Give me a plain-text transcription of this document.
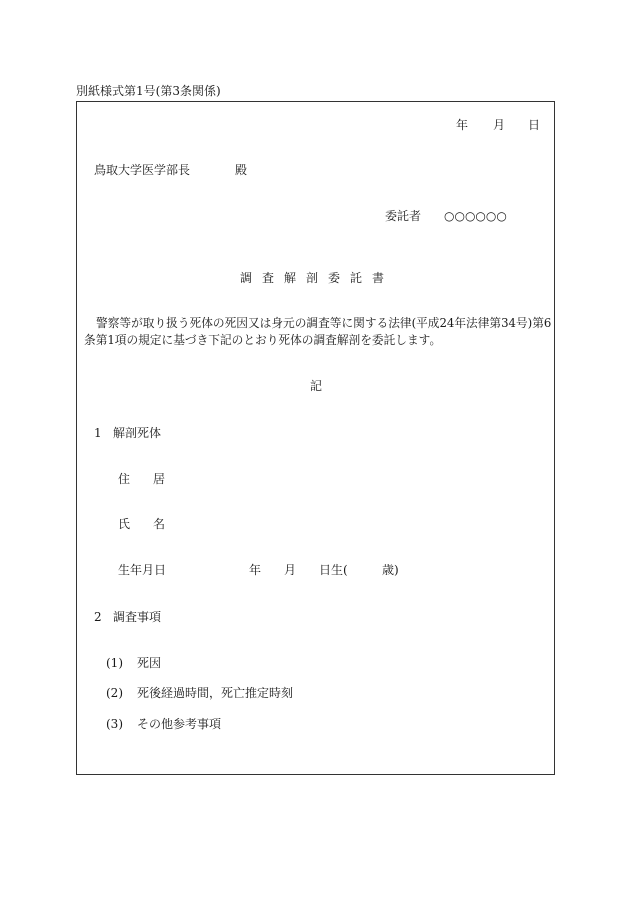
別紙様式第1号(第3条関係)
年 月 日
鳥取大学医学部長	殿
委託者 ○○○○○○
調 査 解 剖 委 託 書
警察等が取り扱う死体の死因又は身元の調査等に関する法律(平成24年法律第34号)第6
条第1項の規定に基づき下記のとおり死体の調査解剖を委託します。
記
1 解剖死体
住 居
氏 名
生年月日	年 月 日生(	歳)
2 調査事項
(1) 死因
(2) 死後経過時間，死亡推定時刻
(3) その他参考事項
